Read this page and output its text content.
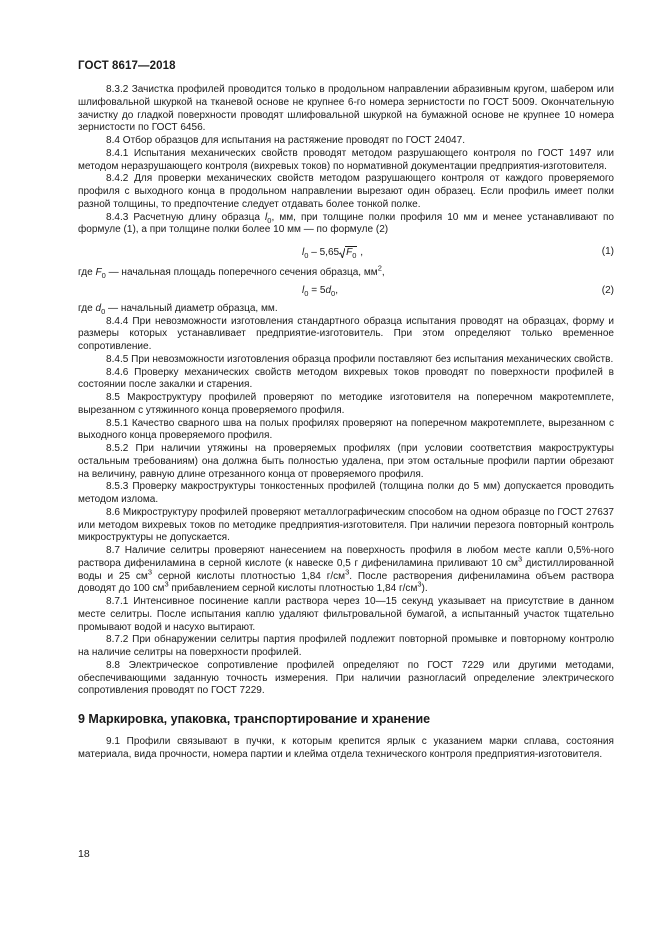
ГОСТ 8617—2018

8.3.2 Зачистка профилей проводится только в продольном направлении абразивным кругом, шабером или шлифовальной шкуркой на тканевой основе не крупнее 6-го номера зернистости по ГОСТ 5009. Окончательную зачистку до гладкой поверхности проводят шлифовальной шкуркой на бумажной основе не крупнее 10 номера зернистости по ГОСТ 6456.

8.4 Отбор образцов для испытания на растяжение проводят по ГОСТ 24047.

8.4.1 Испытания механических свойств проводят методом разрушающего контроля по ГОСТ 1497 или методом неразрушающего контроля (вихревых токов) по нормативной документации предприятия-изготовителя.

8.4.2 Для проверки механических свойств методом разрушающего контроля от каждого проверяемого профиля с выходного конца в продольном направлении вырезают один образец. Если профиль имеет полки разной толщины, то предпочтение следует отдавать более тонкой полке.

8.4.3 Расчетную длину образца $l_0$, мм, при толщине полки профиля 10 мм и менее устанавливают по формуле (1), а при толщине полки более 10 мм — по формуле (2)

$l_0 - 5,65$ $F_0$ ,	(1)

где $F_0$ — начальная площадь поперечного сечения образца, $мм^2$,

$l_0 = 5d_0$,	(2)

где $d_0$ — начальный диаметр образца, мм.

8.4.4 При невозможности изготовления стандартного образца испытания проводят на образцах, форму и размеры которых устанавливает предприятие-изготовитель. При этом определяют только временное сопротивление.

8.4.5 При невозможности изготовления образца профили поставляют без испытания механических свойств.

8.4.6 Проверку механических свойств методом вихревых токов проводят по поверхности профилей в состоянии после закалки и старения.

8.5 Макроструктуру профилей проверяют по методике изготовителя на поперечном макротемплете, вырезанном с утяжинного конца проверяемого профиля.

8.5.1 Качество сварного шва на полых профилях проверяют на поперечном макротемплете, вырезанном с выходного конца проверяемого профиля.

8.5.2 При наличии утяжины на проверяемых профилях (при условии соответствия макроструктуры остальным требованиям) она должна быть полностью удалена, при этом остальные профили партии обрезают на величину, равную длине отрезанного конца от проверяемого профиля.

8.5.3 Проверку макроструктуры тонкостенных профилей (толщина полки до 5 мм) допускается проводить методом излома.

8.6 Микроструктуру профилей проверяют металлографическим способом на одном образце по ГОСТ 27637 или методом вихревых токов по методике предприятия-изготовителя. При наличии перезога повторный контроль микроструктуры не допускается.

8.7 Наличие селитры проверяют нанесением на поверхность профиля в любом месте капли 0,5%-ного раствора дифениламина в серной кислоте (к навеске 0,5 г дифениламина приливают 10 $см^3$ дистиллированной воды и 25 $см^3$ серной кислоты плотностью 1,84 $г/см^3$. После растворения дифениламина объем раствора доводят до 100 $см^3$ прибавлением серной кислоты плотностью 1,84 $г/см^3$).

8.7.1 Интенсивное посинение капли раствора через 10—15 секунд указывает на присутствие в данном месте селитры. После испытания каплю удаляют фильтровальной бумагой, а испытанный участок тщательно промывают водой и насухо вытирают.

8.7.2 При обнаружении селитры партия профилей подлежит повторной промывке и повторному контролю на наличие селитры на поверхности профилей.

8.8 Электрическое сопротивление профилей определяют по ГОСТ 7229 или другими методами, обеспечивающими заданную точность измерения. При наличии разногласий определение электрического сопротивления проводят по ГОСТ 7229.

9 Маркировка, упаковка, транспортирование и хранение

9.1 Профили связывают в пучки, к которым крепится ярлык с указанием марки сплава, состояния материала, вида прочности, номера партии и клейма отдела технического контроля предприятия-изготовителя.

18
